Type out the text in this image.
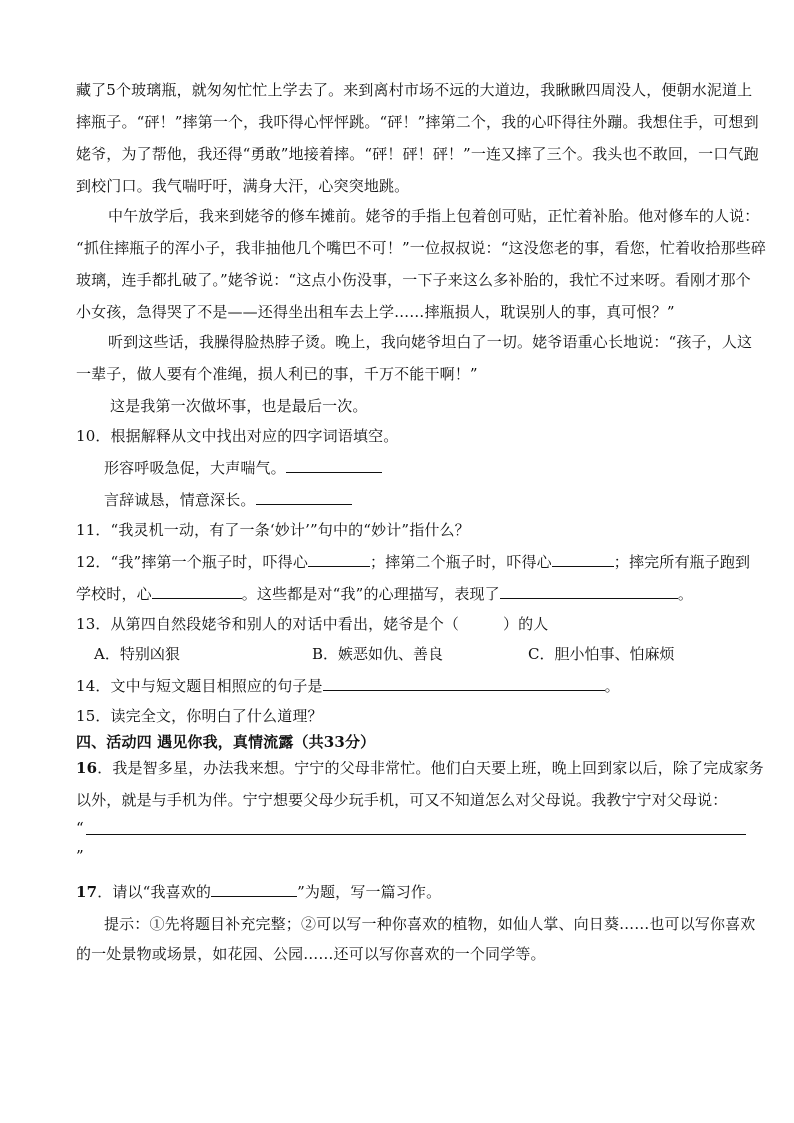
藏了5个玻璃瓶，就匆匆忙忙上学去了。来到离村市场不远的大道边，我瞅瞅四周没人，便朝水泥道上
摔瓶子。“砰！”摔第一个，我吓得心怦怦跳。“砰！”摔第二个，我的心吓得往外蹦。我想住手，可想到
姥爷，为了帮他，我还得“勇敢”地接着摔。“砰！砰！砰！”一连又摔了三个。我头也不敢回，一口气跑
到校门口。我气喘吁吁，满身大汗，心突突地跳。
中午放学后，我来到姥爷的修车摊前。姥爷的手指上包着创可贴，正忙着补胎。他对修车的人说：
“抓住摔瓶子的浑小子，我非抽他几个嘴巴不可！”一位叔叔说：“这没您老的事，看您，忙着收拾那些碎
玻璃，连手都扎破了。”姥爷说：“这点小伤没事，一下子来这么多补胎的，我忙不过来呀。看刚才那个
小女孩，急得哭了不是——还得坐出租车去上学……摔瓶损人，耽误别人的事，真可恨？”
听到这些话，我臊得脸热脖子烫。晚上，我向姥爷坦白了一切。姥爷语重心长地说：“孩子，人这
一辈子，做人要有个准绳，损人利已的事，千万不能干啊！”
这是我第一次做坏事，也是最后一次。
10．根据解释从文中找出对应的四字词语填空。
形容呼吸急促，大声喘气。
言辞诚恳，情意深长。
11．“我灵机一动，有了一条‘妙计’”句中的“妙计”指什么？
12．“我”摔第一个瓶子时，吓得心	；摔第二个瓶子时，吓得心	；摔完所有瓶子跑到
学校时，心	。这些都是对“我”的心理描写，表现了	。
13．从第四自然段姥爷和别人的对话中看出，姥爷是个（	）的人
A．特别凶狠	B．嫉恶如仇、善良	C．胆小怕事、怕麻烦
14．文中与短文题目相照应的句子是	。
15．读完全文，你明白了什么道理？
四、活动四 遇见你我，真情流露（共33分）
16．我是智多星，办法我来想。宁宁的父母非常忙。他们白天要上班，晚上回到家以后，除了完成家务
以外，就是与手机为伴。宁宁想要父母少玩手机，可又不知道怎么对父母说。我教宁宁对父母说：
“
”
17．请以“我喜欢的	”为题，写一篇习作。
提示：①先将题目补充完整；②可以写一种你喜欢的植物，如仙人掌、向日葵……也可以写你喜欢
的一处景物或场景，如花园、公园……还可以写你喜欢的一个同学等。
